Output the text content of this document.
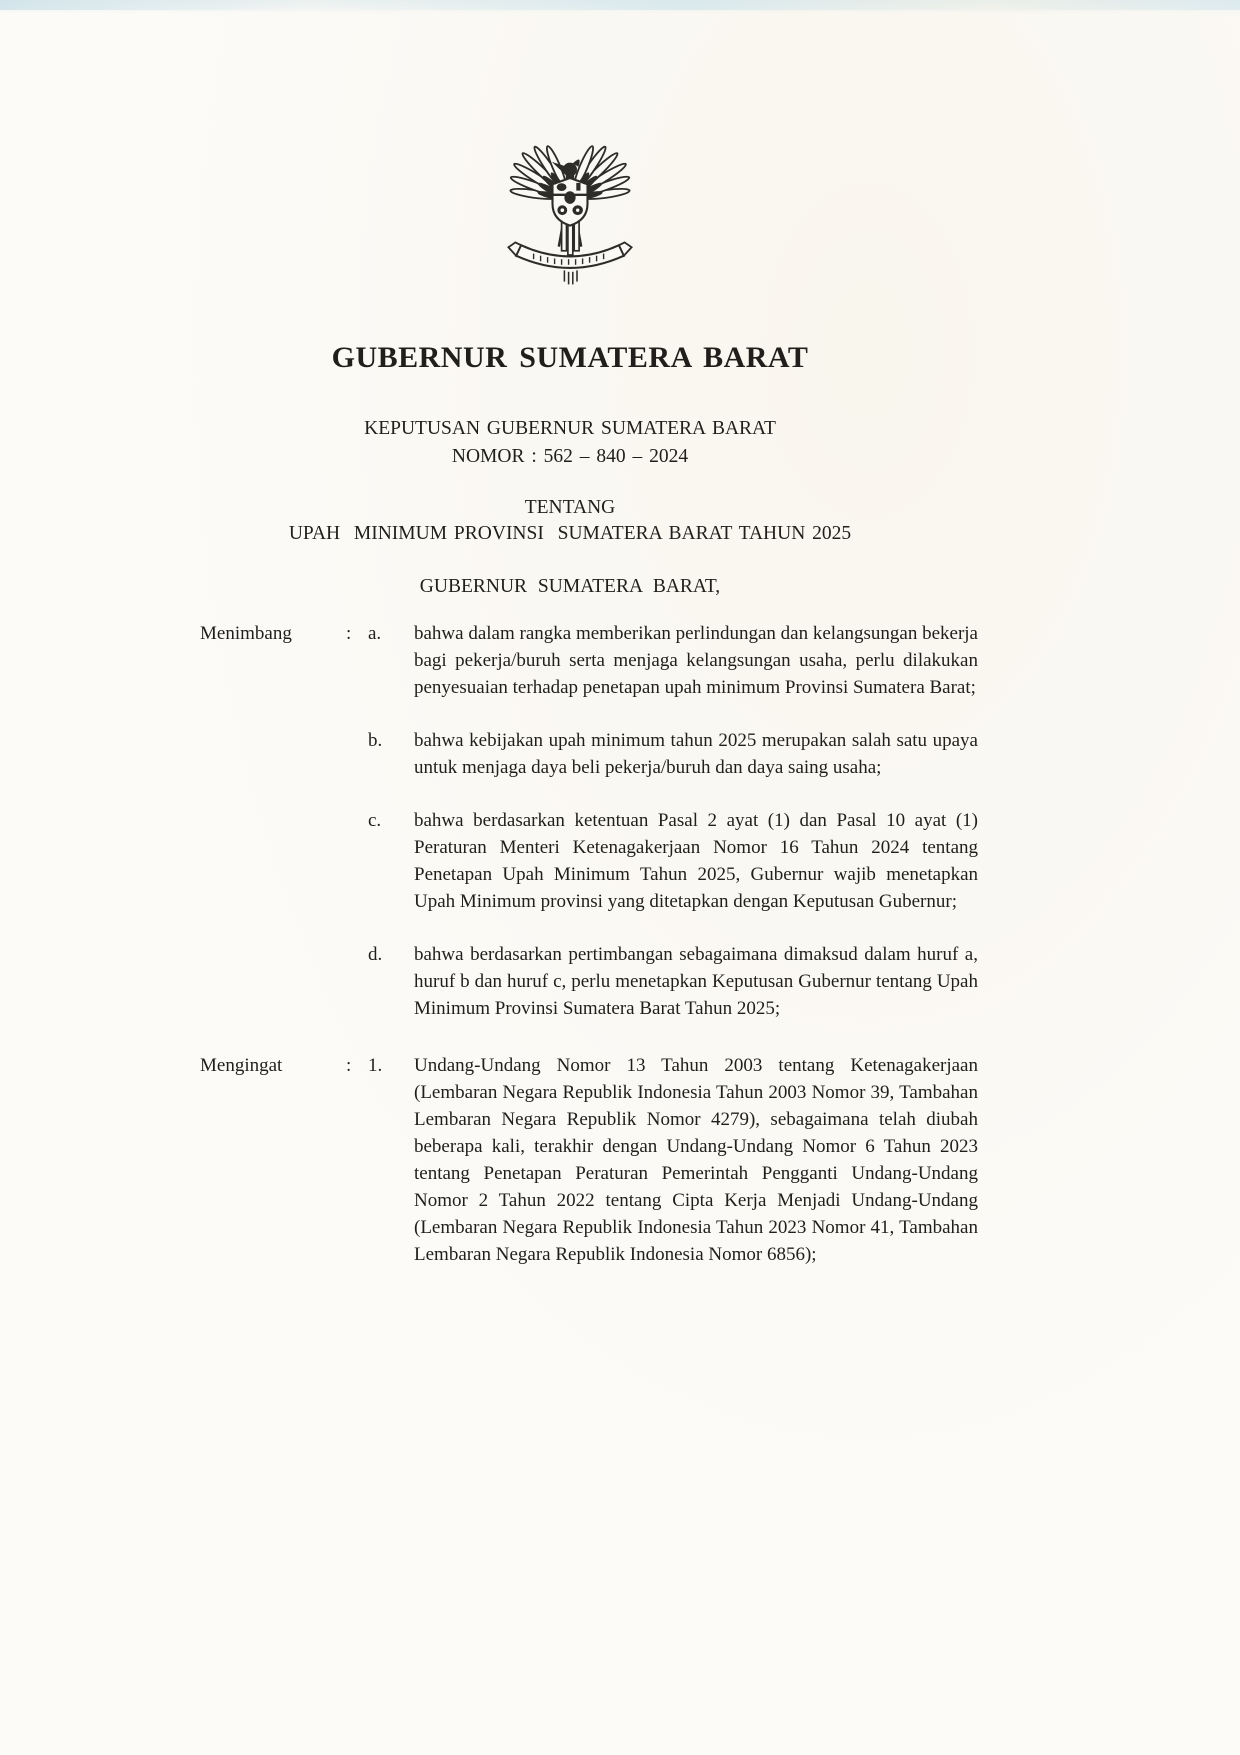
GUBERNUR SUMATERA BARAT
KEPUTUSAN GUBERNUR SUMATERA BARAT
NOMOR : 562 – 840 – 2024
TENTANG
UPAH  MINIMUM PROVINSI  SUMATERA BARAT TAHUN 2025
GUBERNUR SUMATERA BARAT,
Menimbang	: a.	bahwa dalam rangka memberikan perlindungan dan kelangsungan bekerja bagi pekerja/buruh serta menjaga kelangsungan usaha, perlu dilakukan penyesuaian terhadap penetapan upah minimum Provinsi Sumatera Barat;

b.	bahwa kebijakan upah minimum tahun 2025 merupakan salah satu upaya untuk menjaga daya beli pekerja/buruh dan daya saing usaha;

c.	bahwa berdasarkan ketentuan Pasal 2 ayat (1) dan Pasal 10 ayat (1) Peraturan Menteri Ketenagakerjaan Nomor 16 Tahun 2024 tentang Penetapan Upah Minimum Tahun 2025, Gubernur wajib menetapkan Upah Minimum provinsi yang ditetapkan dengan Keputusan Gubernur;

d.	bahwa berdasarkan pertimbangan sebagaimana dimaksud dalam huruf a, huruf b dan huruf c, perlu menetapkan Keputusan Gubernur tentang Upah Minimum Provinsi Sumatera Barat Tahun 2025;

Mengingat	: 1.	Undang-Undang Nomor 13 Tahun 2003 tentang Ketenagakerjaan (Lembaran Negara Republik Indonesia Tahun 2003 Nomor 39, Tambahan Lembaran Negara Republik Nomor 4279), sebagaimana telah diubah beberapa kali, terakhir dengan Undang-Undang Nomor 6 Tahun 2023 tentang Penetapan Peraturan Pemerintah Pengganti Undang-Undang Nomor 2 Tahun 2022 tentang Cipta Kerja Menjadi Undang-Undang (Lembaran Negara Republik Indonesia Tahun 2023 Nomor 41, Tambahan Lembaran Negara Republik Indonesia Nomor 6856);
